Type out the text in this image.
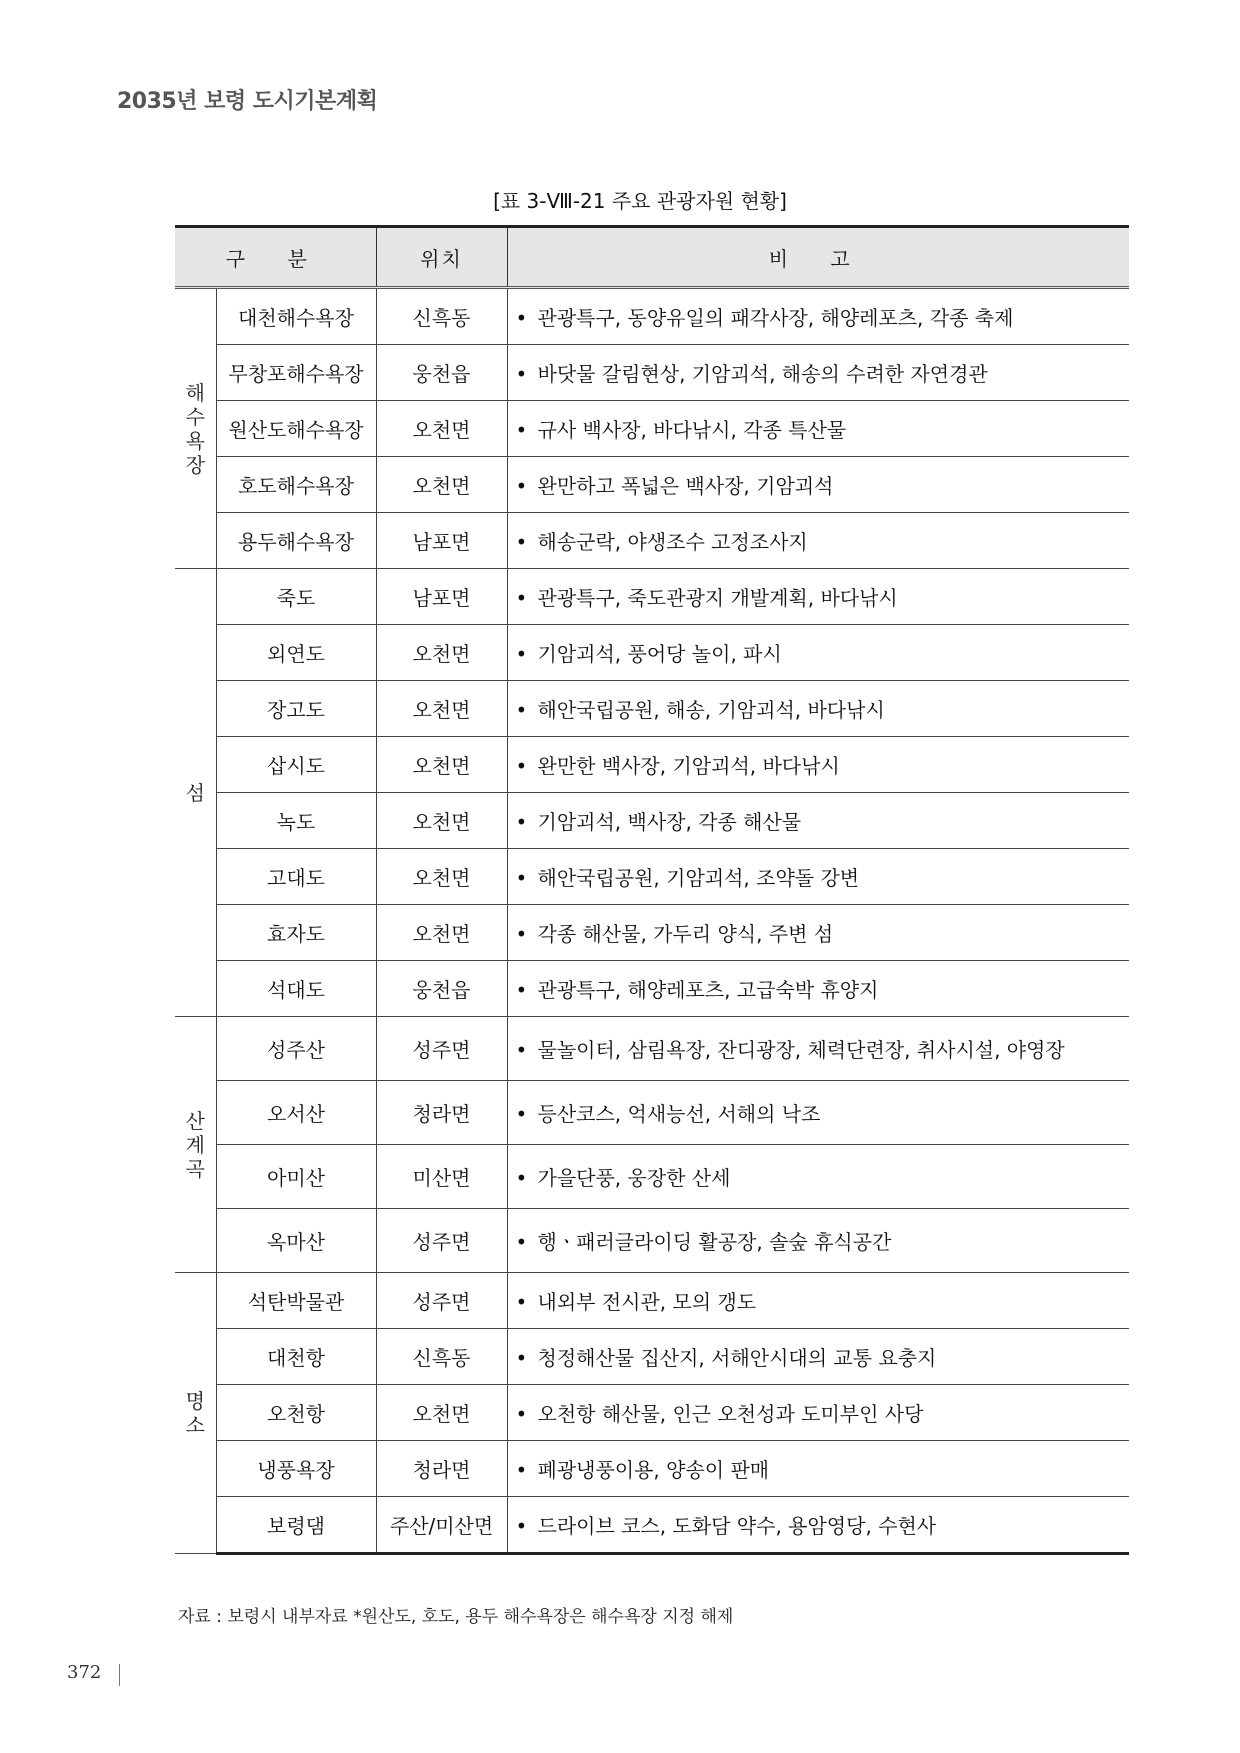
2035년 보령 도시기본계획
[표 3-Ⅷ-21 주요 관광자원 현황]
구 분		위치	비 고
해
수
욕
장	대천해수욕장	신흑동	• 관광특구, 동양유일의 패각사장, 해양레포츠, 각종 축제
	무창포해수욕장	웅천읍	• 바닷물 갈림현상, 기암괴석, 해송의 수려한 자연경관
	원산도해수욕장	오천면	• 규사 백사장, 바다낚시, 각종 특산물
	호도해수욕장	오천면	• 완만하고 폭넓은 백사장, 기암괴석
	용두해수욕장	남포면	• 해송군락, 야생조수 고정조사지
섬	죽도	남포면	• 관광특구, 죽도관광지 개발계획, 바다낚시
	외연도	오천면	• 기암괴석, 풍어당 놀이, 파시
	장고도	오천면	• 해안국립공원, 해송, 기암괴석, 바다낚시
	삽시도	오천면	• 완만한 백사장, 기암괴석, 바다낚시
	녹도	오천면	• 기암괴석, 백사장, 각종 해산물
	고대도	오천면	• 해안국립공원, 기암괴석, 조약돌 강변
	효자도	오천면	• 각종 해산물, 가두리 양식, 주변 섬
	석대도	웅천읍	• 관광특구, 해양레포츠, 고급숙박 휴양지
산
계
곡	성주산	성주면	• 물놀이터, 삼림욕장, 잔디광장, 체력단련장, 취사시설, 야영장
	오서산	청라면	• 등산코스, 억새능선, 서해의 낙조
	아미산	미산면	• 가을단풍, 웅장한 산세
	옥마산	성주면	• 행ㆍ패러글라이딩 활공장, 솔숲 휴식공간
명
소	석탄박물관	성주면	• 내외부 전시관, 모의 갱도
	대천항	신흑동	• 청정해산물 집산지, 서해안시대의 교통 요충지
	오천항	오천면	• 오천항 해산물, 인근 오천성과 도미부인 사당
	냉풍욕장	청라면	• 폐광냉풍이용, 양송이 판매
	보령댐	주산/미산면	• 드라이브 코스, 도화담 약수, 용암영당, 수현사
자료 : 보령시 내부자료 *원산도, 호도, 용두 해수욕장은 해수욕장 지정 해제
372
